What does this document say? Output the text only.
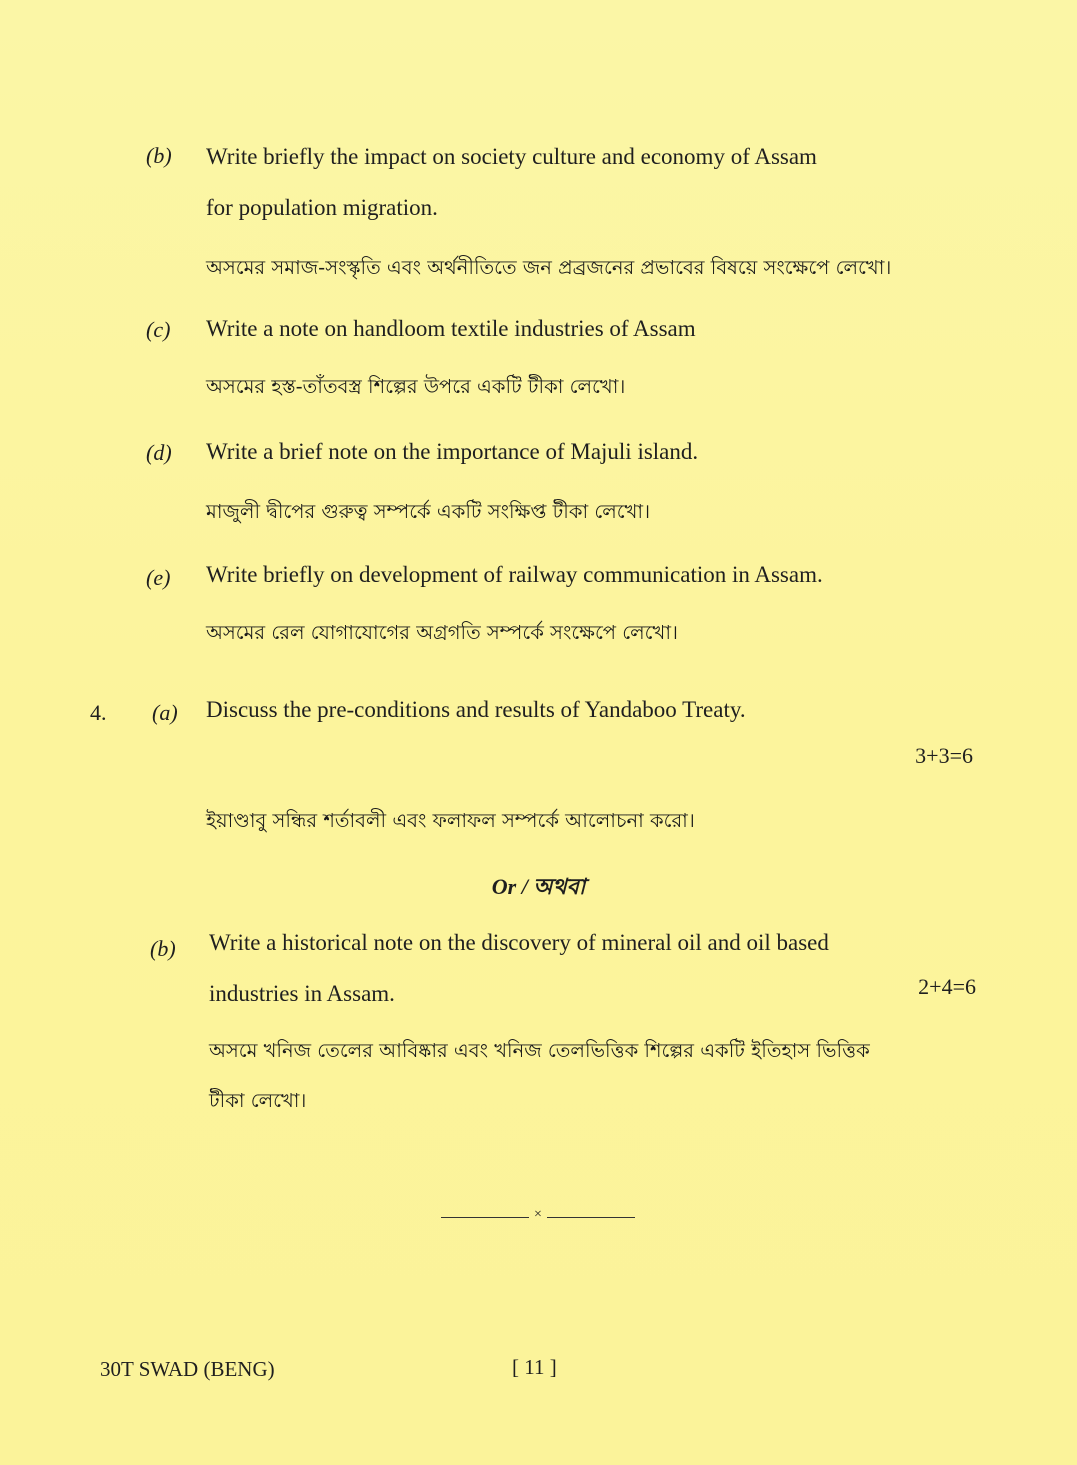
(b) Write briefly the impact on society culture and economy of Assam
for population migration.
অসমের সমাজ-সংস্কৃতি এবং অর্থনীতিতে জন প্রব্রজনের প্রভাবের বিষয়ে সংক্ষেপে লেখো।
(c) Write a note on handloom textile industries of Assam
অসমের হস্ত-তাঁতবস্ত্র শিল্পের উপরে একটি টীকা লেখো।
(d) Write a brief note on the importance of Majuli island.
মাজুলী দ্বীপের গুরুত্ব সম্পর্কে একটি সংক্ষিপ্ত টীকা লেখো।
(e) Write briefly on development of railway communication in Assam.
অসমের রেল যোগাযোগের অগ্রগতি সম্পর্কে সংক্ষেপে লেখো।
4. (a) Discuss the pre-conditions and results of Yandaboo Treaty.
3+3=6
ইয়াণ্ডাবু সন্ধির শর্তাবলী এবং ফলাফল সম্পর্কে আলোচনা করো।
Or / অথবা
(b) Write a historical note on the discovery of mineral oil and oil based
industries in Assam.	2+4=6
অসমে খনিজ তেলের আবিষ্কার এবং খনিজ তেলভিত্তিক শিল্পের একটি ইতিহাস ভিত্তিক
টীকা লেখো।
×
30T SWAD (BENG)	[ 11 ]
